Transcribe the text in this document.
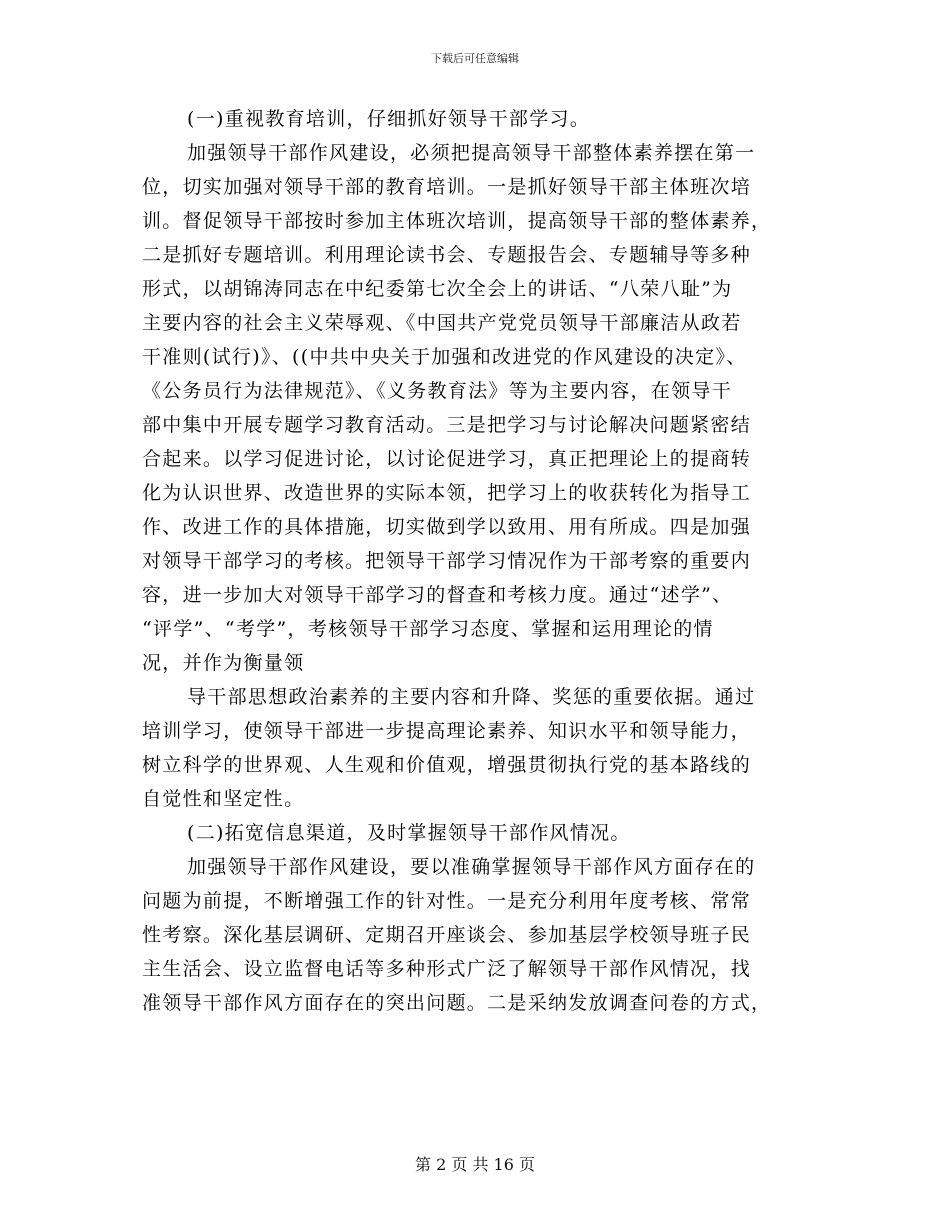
下载后可任意编辑
(一)重视教育培训，仔细抓好领导干部学习。
加强领导干部作风建设，必须把提高领导干部整体素养摆在第一
位，切实加强对领导干部的教育培训。一是抓好领导干部主体班次培
训。督促领导干部按时参加主体班次培训，提高领导干部的整体素养，
二是抓好专题培训。利用理论读书会、专题报告会、专题辅导等多种
形式，以胡锦涛同志在中纪委第七次全会上的讲话、“八荣八耻”为
主要内容的社会主义荣辱观、《中国共产党党员领导干部廉洁从政若
干准则(试行)》、((中共中央关于加强和改进党的作风建设的决定》、
《公务员行为法律规范》、《义务教育法》等为主要内容，在领导干
部中集中开展专题学习教育活动。三是把学习与讨论解决问题紧密结
合起来。以学习促进讨论，以讨论促进学习，真正把理论上的提商转
化为认识世界、改造世界的实际本领，把学习上的收获转化为指导工
作、改进工作的具体措施，切实做到学以致用、用有所成。四是加强
对领导干部学习的考核。把领导干部学习情况作为干部考察的重要内
容，进一步加大对领导干部学习的督查和考核力度。通过“述学”、
“评学”、“考学”，考核领导干部学习态度、掌握和运用理论的情
况，并作为衡量领
导干部思想政治素养的主要内容和升降、奖惩的重要依据。通过
培训学习，使领导干部进一步提高理论素养、知识水平和领导能力，
树立科学的世界观、人生观和价值观，增强贯彻执行党的基本路线的
自觉性和坚定性。
(二)拓宽信息渠道，及时掌握领导干部作风情况。
加强领导干部作风建设，要以准确掌握领导干部作风方面存在的
问题为前提，不断增强工作的针对性。一是充分利用年度考核、常常
性考察。深化基层调研、定期召开座谈会、参加基层学校领导班子民
主生活会、设立监督电话等多种形式广泛了解领导干部作风情况，找
准领导干部作风方面存在的突出问题。二是采纳发放调查问卷的方式，
第 2 页 共 16 页
